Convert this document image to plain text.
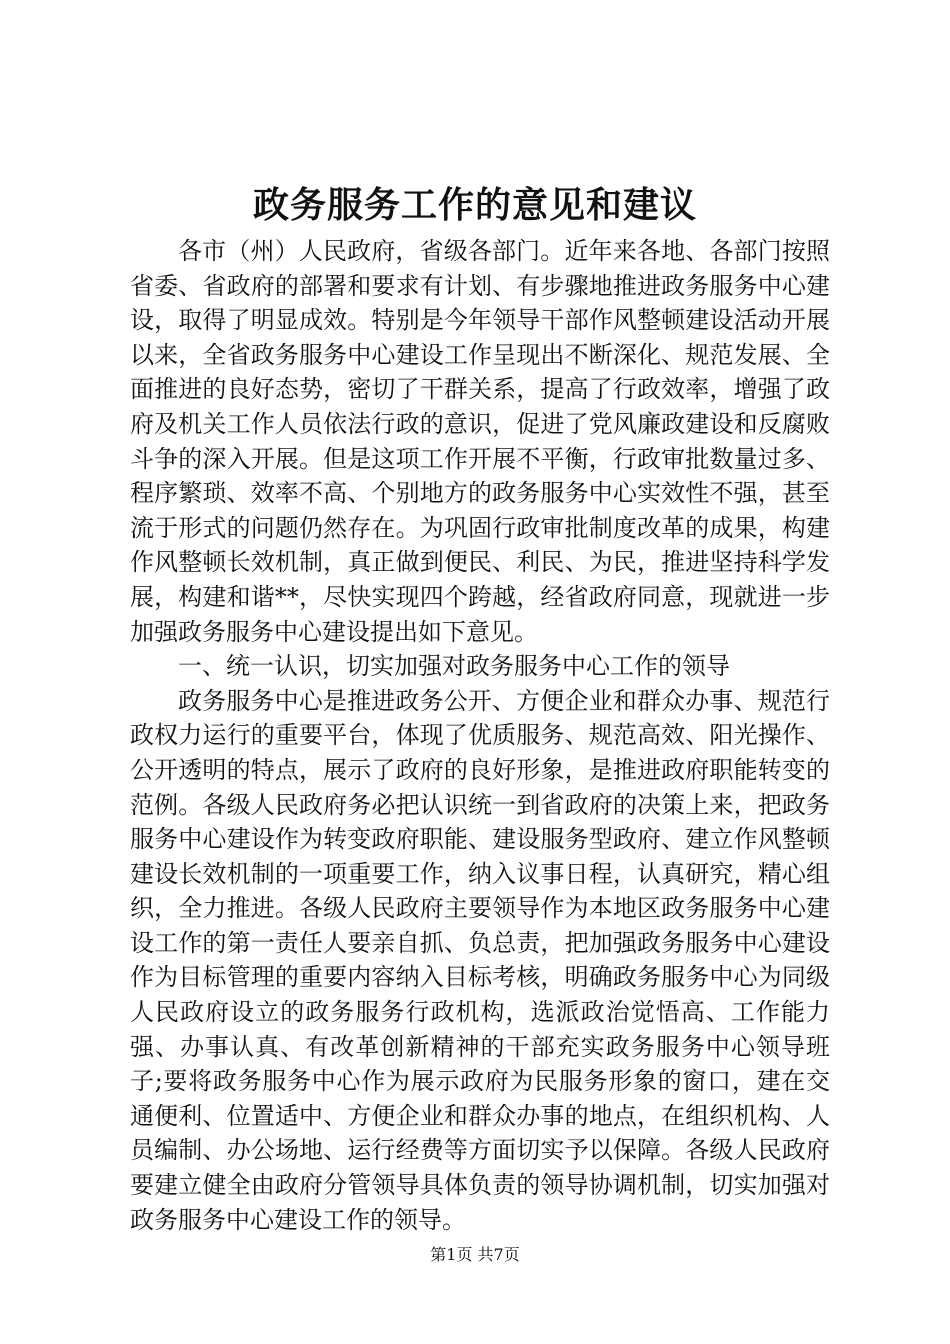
政务服务工作的意见和建议

各市（州）人民政府，省级各部门。近年来各地、各部门按照省委、省政府的部署和要求有计划、有步骤地推进政务服务中心建设，取得了明显成效。特别是今年领导干部作风整顿建设活动开展以来，全省政务服务中心建设工作呈现出不断深化、规范发展、全面推进的良好态势，密切了干群关系，提高了行政效率，增强了政府及机关工作人员依法行政的意识，促进了党风廉政建设和反腐败斗争的深入开展。但是这项工作开展不平衡，行政审批数量过多、程序繁琐、效率不高、个别地方的政务服务中心实效性不强，甚至流于形式的问题仍然存在。为巩固行政审批制度改革的成果，构建作风整顿长效机制，真正做到便民、利民、为民，推进坚持科学发展，构建和谐**，尽快实现四个跨越，经省政府同意，现就进一步加强政务服务中心建设提出如下意见。

一、统一认识，切实加强对政务服务中心工作的领导

政务服务中心是推进政务公开、方便企业和群众办事、规范行政权力运行的重要平台，体现了优质服务、规范高效、阳光操作、公开透明的特点，展示了政府的良好形象，是推进政府职能转变的范例。各级人民政府务必把认识统一到省政府的决策上来，把政务服务中心建设作为转变政府职能、建设服务型政府、建立作风整顿建设长效机制的一项重要工作，纳入议事日程，认真研究，精心组织，全力推进。各级人民政府主要领导作为本地区政务服务中心建设工作的第一责任人要亲自抓、负总责，把加强政务服务中心建设作为目标管理的重要内容纳入目标考核，明确政务服务中心为同级人民政府设立的政务服务行政机构，选派政治觉悟高、工作能力强、办事认真、有改革创新精神的干部充实政务服务中心领导班子;要将政务服务中心作为展示政府为民服务形象的窗口，建在交通便利、位置适中、方便企业和群众办事的地点，在组织机构、人员编制、办公场地、运行经费等方面切实予以保障。各级人民政府要建立健全由政府分管领导具体负责的领导协调机制，切实加强对政务服务中心建设工作的领导。

第1页 共7页
